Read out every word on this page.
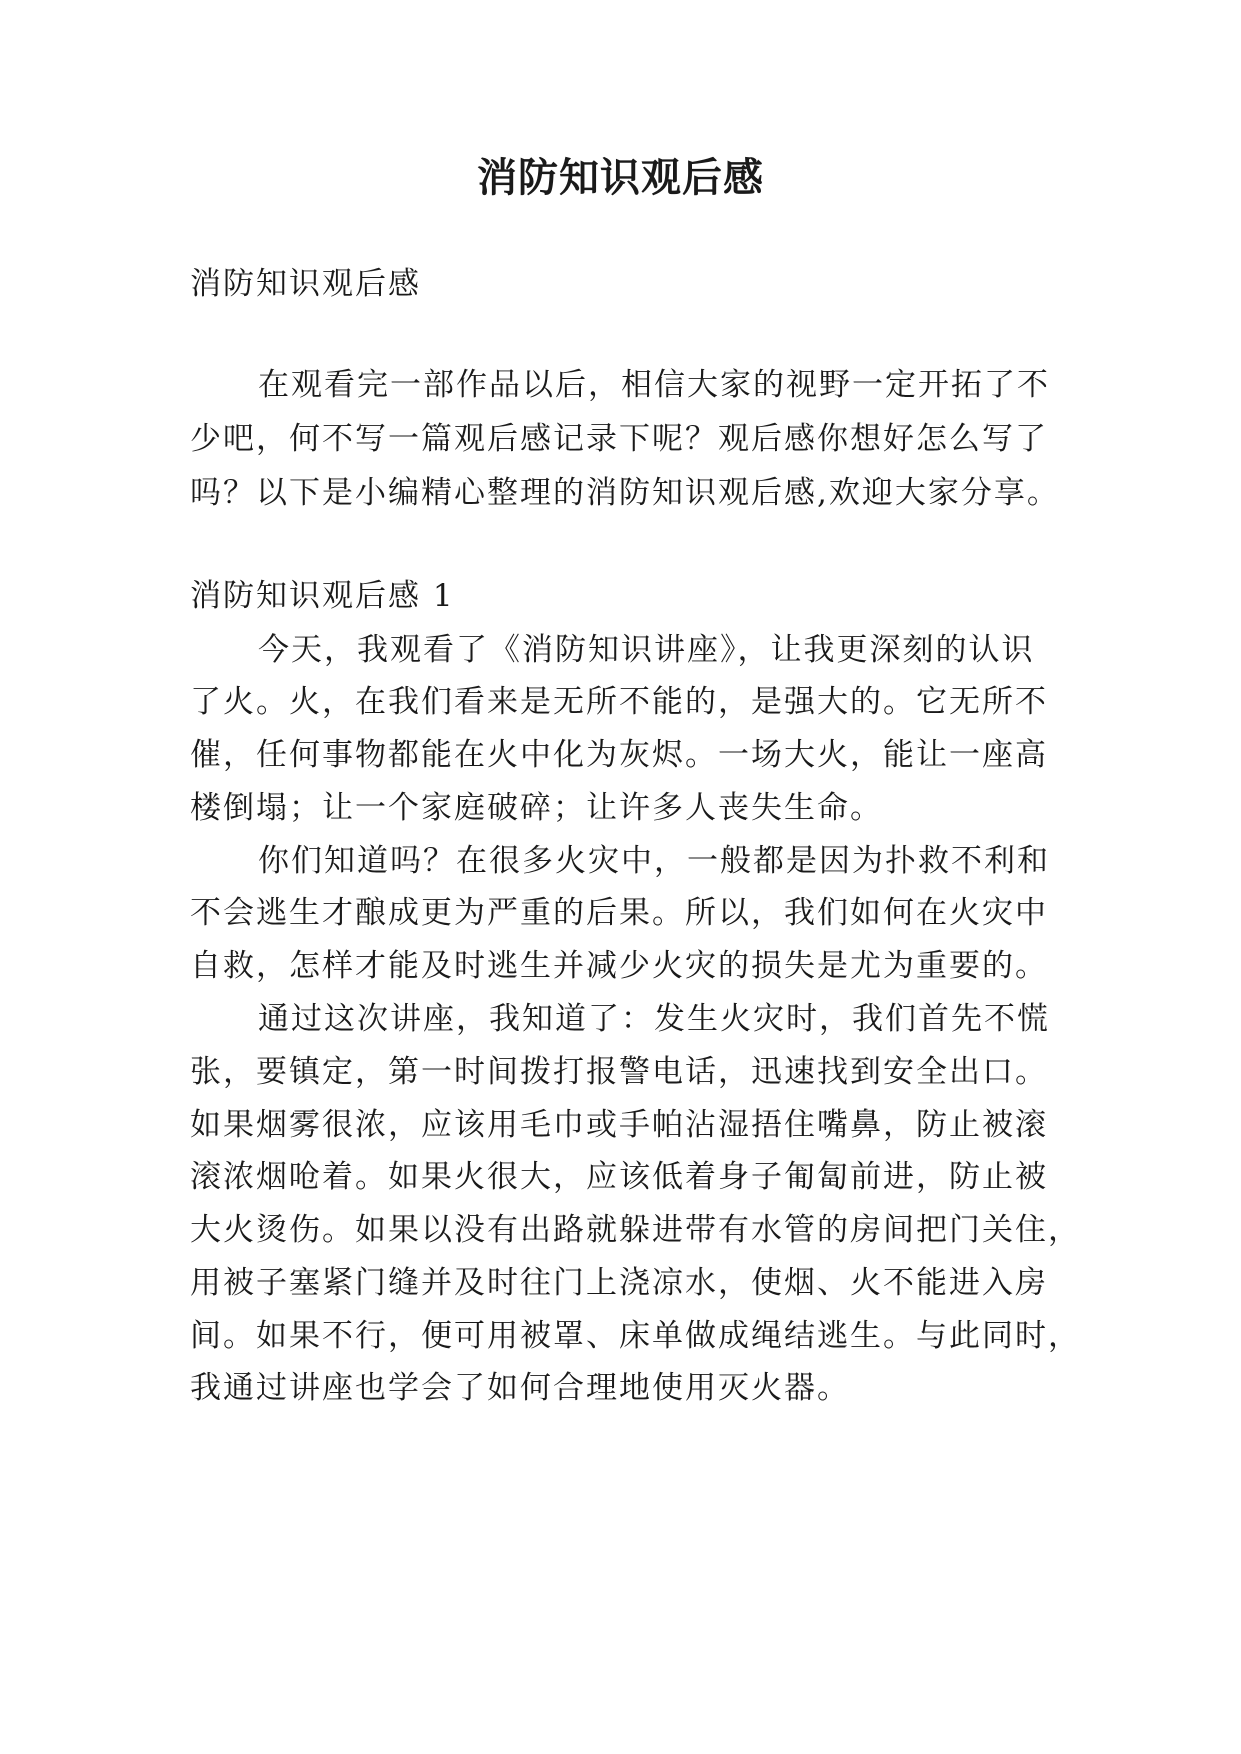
消防知识观后感
消防知识观后感
在观看完一部作品以后，相信大家的视野一定开拓了不
少吧，何不写一篇观后感记录下呢？观后感你想好怎么写了
吗？以下是小编精心整理的消防知识观后感,欢迎大家分享。
消防知识观后感 1
今天，我观看了《消防知识讲座》，让我更深刻的认识
了火。火，在我们看来是无所不能的，是强大的。它无所不
催，任何事物都能在火中化为灰烬。一场大火，能让一座高
楼倒塌；让一个家庭破碎；让许多人丧失生命。
你们知道吗？在很多火灾中，一般都是因为扑救不利和
不会逃生才酿成更为严重的后果。所以，我们如何在火灾中
自救，怎样才能及时逃生并减少火灾的损失是尤为重要的。
通过这次讲座，我知道了：发生火灾时，我们首先不慌
张，要镇定，第一时间拨打报警电话，迅速找到安全出口。
如果烟雾很浓，应该用毛巾或手帕沾湿捂住嘴鼻，防止被滚
滚浓烟呛着。如果火很大，应该低着身子匍匐前进，防止被
大火烫伤。如果以没有出路就躲进带有水管的房间把门关住，
用被子塞紧门缝并及时往门上浇凉水，使烟、火不能进入房
间。如果不行，便可用被罩、床单做成绳结逃生。与此同时，
我通过讲座也学会了如何合理地使用灭火器。
